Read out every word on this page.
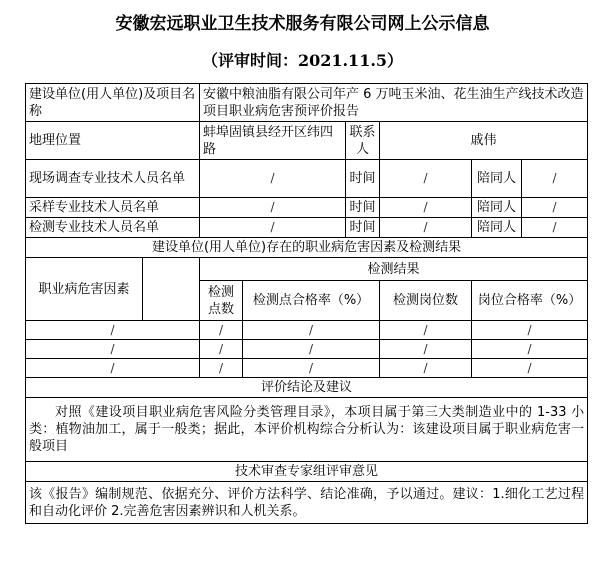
安徽宏远职业卫生技术服务有限公司网上公示信息
（评审时间：2021.11.5）
建设单位(用人单位)及项目名称		安徽中粮油脂有限公司年产 6 万吨玉米油、花生油生产线技术改造项目职业病危害预评价报告					
地理位置		蚌埠固镇县经开区纬四路		联系人	戚伟		
现场调查专业技术人员名单		/		时间	/	陪同人	/
采样专业技术人员名单		/		时间	/	陪同人	/
检测专业技术人员名单		/		时间	/	陪同人	/
建设单位(用人单位)存在的职业病危害因素及检测结果							
职业病危害因素		检测结果					
		检测点数	检测点合格率（%）		检测岗位数	岗位合格率（%）	
/		/	/		/	/	
/		/	/		/	/	
/		/	/		/	/	
评价结论及建议							
对照《建设项目职业病危害风险分类管理目录》，本项目属于第三大类制造业中的 1-33 小类：植物油加工，属于一般类；据此，本评价机构综合分析认为：该建设项目属于职业病危害一般项目							
技术审查专家组评审意见							
该《报告》编制规范、依据充分、评价方法科学、结论准确，予以通过。建议：1.细化工艺过程和自动化评价 2.完善危害因素辨识和人机关系。							
